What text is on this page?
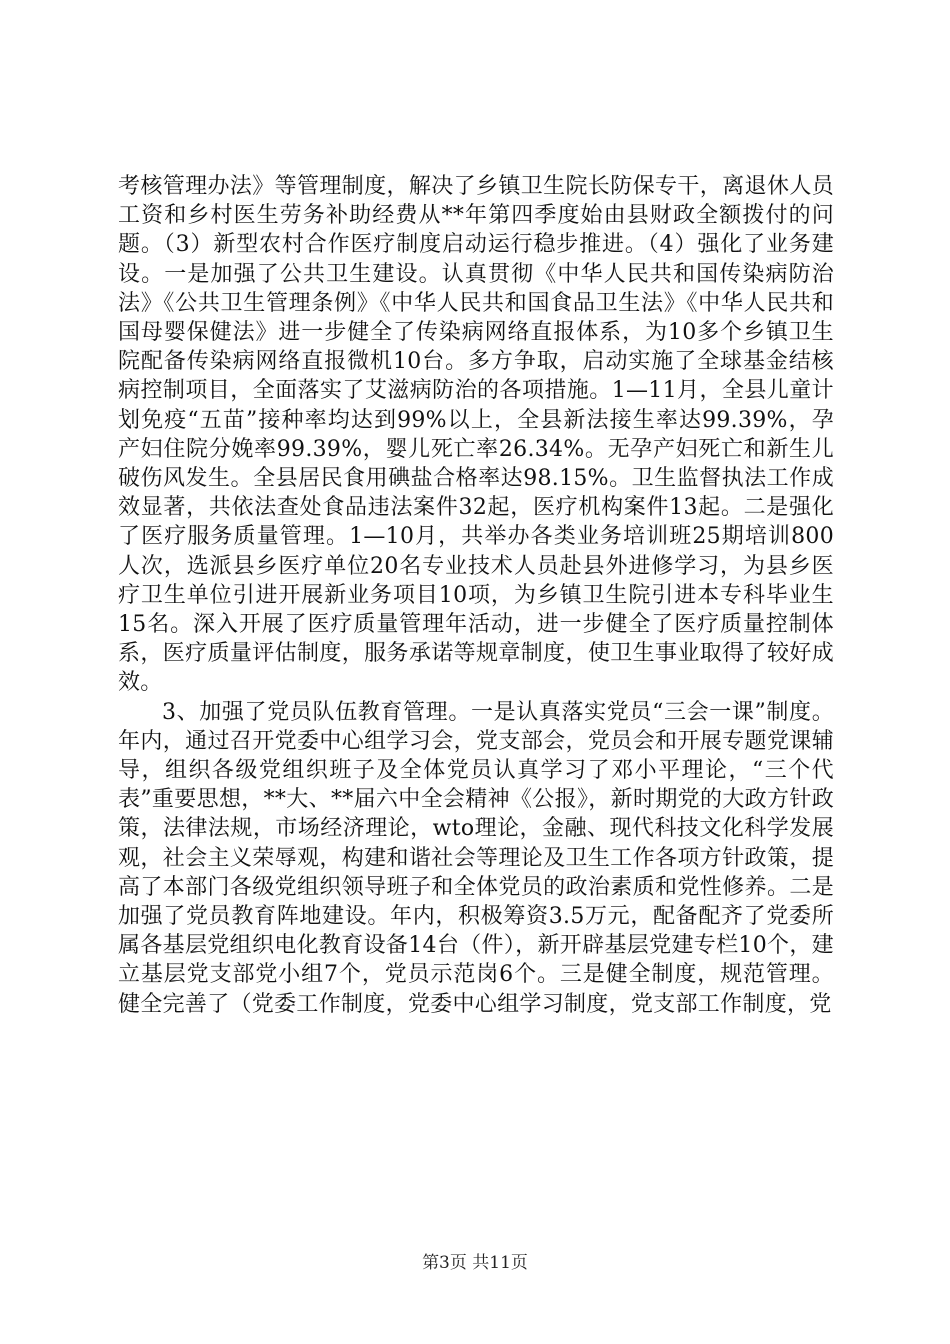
考核管理办法》等管理制度，解决了乡镇卫生院长防保专干，离退休人员工资和乡村医生劳务补助经费从**年第四季度始由县财政全额拨付的问题。（3）新型农村合作医疗制度启动运行稳步推进。（4）强化了业务建设。一是加强了公共卫生建设。认真贯彻《中华人民共和国传染病防治法》《公共卫生管理条例》《中华人民共和国食品卫生法》《中华人民共和国母婴保健法》进一步健全了传染病网络直报体系，为10多个乡镇卫生院配备传染病网络直报微机10台。多方争取，启动实施了全球基金结核病控制项目，全面落实了艾滋病防治的各项措施。1—11月，全县儿童计划免疫“五苗”接种率均达到99%以上，全县新法接生率达99.39%，孕产妇住院分娩率99.39%，婴儿死亡率26.34%。无孕产妇死亡和新生儿破伤风发生。全县居民食用碘盐合格率达98.15%。卫生监督执法工作成效显著，共依法查处食品违法案件32起，医疗机构案件13起。二是强化了医疗服务质量管理。1—10月，共举办各类业务培训班25期培训800人次，选派县乡医疗单位20名专业技术人员赴县外进修学习，为县乡医疗卫生单位引进开展新业务项目10项，为乡镇卫生院引进本专科毕业生15名。深入开展了医疗质量管理年活动，进一步健全了医疗质量控制体系，医疗质量评估制度，服务承诺等规章制度，使卫生事业取得了较好成效。

3、加强了党员队伍教育管理。一是认真落实党员“三会一课”制度。年内，通过召开党委中心组学习会，党支部会，党员会和开展专题党课辅导，组织各级党组织班子及全体党员认真学习了邓小平理论，“三个代表”重要思想，**大、**届六中全会精神《公报》，新时期党的大政方针政策，法律法规，市场经济理论，wto理论，金融、现代科技文化科学发展观，社会主义荣辱观，构建和谐社会等理论及卫生工作各项方针政策，提高了本部门各级党组织领导班子和全体党员的政治素质和党性修养。二是加强了党员教育阵地建设。年内，积极筹资3.5万元，配备配齐了党委所属各基层党组织电化教育设备14台（件），新开辟基层党建专栏10个，建立基层党支部党小组7个，党员示范岗6个。三是健全制度，规范管理。健全完善了（党委工作制度，党委中心组学习制度，党支部工作制度，党

第3页 共11页
